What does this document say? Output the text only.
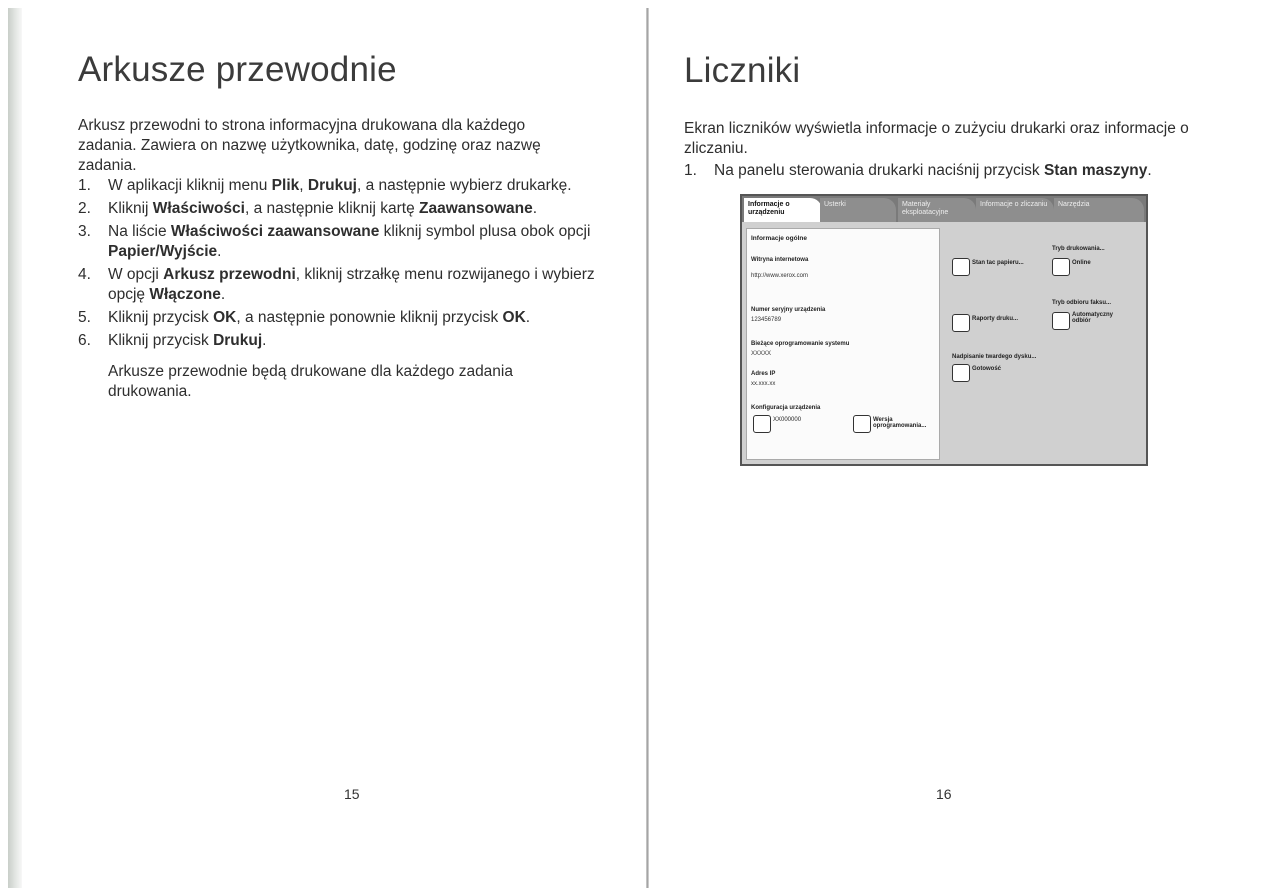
Arkusze przewodnie

Arkusz przewodni to strona informacyjna drukowana dla każdego zadania. Zawiera on nazwę użytkownika, datę, godzinę oraz nazwę zadania.

1. W aplikacji kliknij menu Plik, Drukuj, a następnie wybierz drukarkę.
2. Kliknij Właściwości, a następnie kliknij kartę Zaawansowane.
3. Na liście Właściwości zaawansowane kliknij symbol plusa obok opcji Papier/Wyjście.
4. W opcji Arkusz przewodni, kliknij strzałkę menu rozwijanego i wybierz opcję Włączone.
5. Kliknij przycisk OK, a następnie ponownie kliknij przycisk OK.
6. Kliknij przycisk Drukuj.

Arkusze przewodnie będą drukowane dla każdego zadania drukowania.

15
Liczniki

Ekran liczników wyświetla informacje o zużyciu drukarki oraz informacje o zliczaniu.

1. Na panelu sterowania drukarki naciśnij przycisk Stan maszyny.
Informacje o urządzeniu
Usterki	Materiały eksploatacyjne
Informacje o zliczaniu	Narzędzia
Informacje ogólne
Witryna internetowa
http://www.xerox.com
Numer seryjny urządzenia
123456789
Bieżące oprogramowanie systemu
XXXXX
Adres IP
xx.xxx.xx
Konfiguracja urządzenia
XX000000	Wersja oprogramowania...
Stan tac papieru...
Raporty druku...
Nadpisanie twardego dysku...
Gotowość
Tryb drukowania...
Online
Tryb odbioru faksu...
Automatyczny odbiór
16
